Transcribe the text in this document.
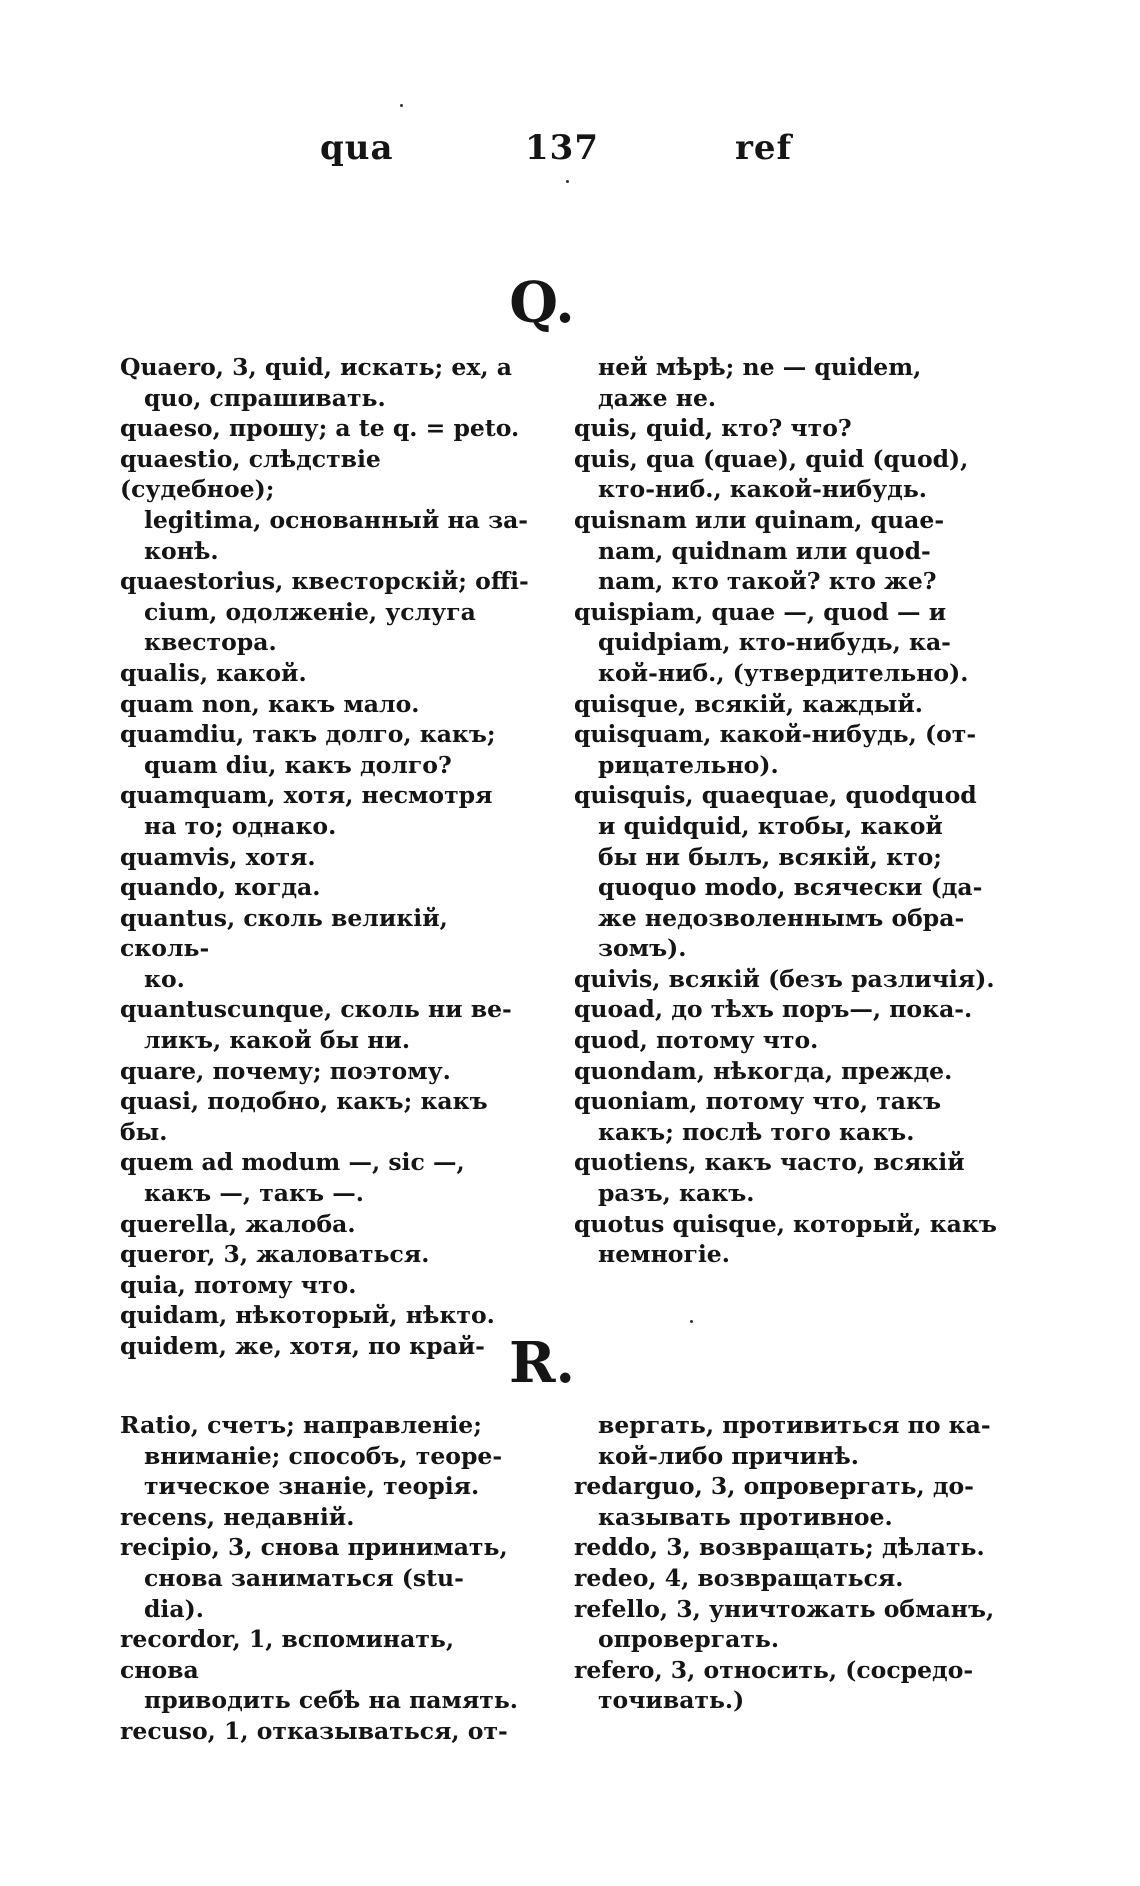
qua	137	ref
Q.

Quaero, 3, quid, искать; ex, a

quo, спрашивать.

quaeso, прошу; a te q. = peto.

quaestio, слѣдствіе (судебное);

legitima, основанный на за-

конѣ.

quaestorius, квесторскій; offi-

cium, одолженіе, услуга

квестора.

qualis, какой.

quam non, какъ мало.

quamdiu, такъ долго, какъ;

quam diu, какъ долго?

quamquam, хотя, несмотря

на то; однако.

quamvis, хотя.

quando, когда.

quantus, сколь великій, сколь-

ко.

quantuscunque, сколь ни ве-

ликъ, какой бы ни.

quare, почему; поэтому.

quasi, подобно, какъ; какъ бы.

quem ad modum —, sic —,

какъ —, такъ —.

querella, жалоба.

queror, 3, жаловаться.

quia, потому что.

quidam, нѣкоторый, нѣкто.

quidem, же, хотя, по край-

ней мѣрѣ; ne — quidem,

даже не.

quis, quid, кто? что?

quis, qua (quae), quid (quod),

кто-ниб., какой-нибудь.

quisnam или quinam, quae-

nam, quidnam или quod-

nam, кто такой? кто же?

quispiam, quae —, quod — и

quidpiam, кто-нибудь, ка-

кой-ниб., (утвердительно).

quisque, всякій, каждый.

quisquam, какой-нибудь, (от-

рицательно).

quisquis, quaequae, quodquod

и quidquid, ктобы, какой

бы ни былъ, всякій, кто;

quoquo modo, всячески (да-

же недозволеннымъ обра-

зомъ).

quivis, всякій (безъ различія).

quoad, до тѣхъ поръ—, пока-.

quod, потому что.

quondam, нѣкогда, прежде.

quoniam, потому что, такъ

какъ; послѣ того какъ.

quotiens, какъ часто, всякій

разъ, какъ.

quotus quisque, который, какъ

немногіе.

R.

Ratio, счетъ; направленіе;

вниманіе; способъ, теоре-

тическое знаніе, теорія.

recens, недавній.

recipio, 3, снова принимать,

снова заниматься (stu-

dia).

recordor, 1, вспоминать, снова

приводить себѣ на память.

recuso, 1, отказываться, от-

вергать, противиться по ка-

кой-либо причинѣ.

redarguo, 3, опровергать, до-

казывать противное.

reddo, 3, возвращать; дѣлать.

redeo, 4, возвращаться.

refello, 3, уничтожать обманъ,

опровергать.

refero, 3, относить, (сосредо-

точивать.)
